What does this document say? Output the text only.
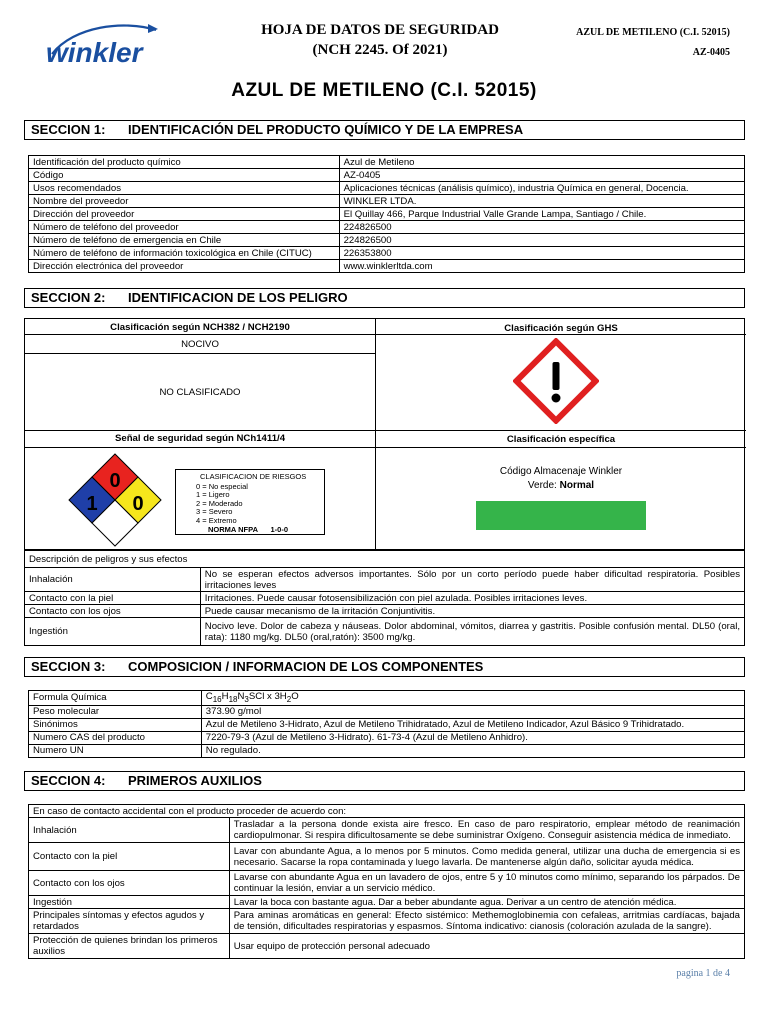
winkler
HOJA DE DATOS DE SEGURIDAD
(NCH 2245. Of 2021)
AZUL DE METILENO (C.I. 52015)
AZ-0405
AZUL DE METILENO (C.I. 52015)
SECCION 1: IDENTIFICACIÓN DEL PRODUCTO QUÍMICO Y DE LA EMPRESA
Identificación del producto químico	Azul de Metileno
Código	AZ-0405
Usos recomendados	Aplicaciones técnicas (análisis químico), industria Química en general, Docencia.
Nombre del proveedor	WINKLER LTDA.
Dirección del proveedor	El Quillay 466, Parque Industrial Valle Grande Lampa, Santiago / Chile.
Número de teléfono del proveedor	224826500
Número de teléfono de emergencia en Chile	224826500
Número de teléfono de información toxicológica en Chile (CITUC)	226353800
Dirección electrónica del proveedor	www.winklerltda.com
SECCION 2: IDENTIFICACION DE LOS PELIGRO
Clasificación según NCH382 / NCH2190	Clasificación según GHS
NOCIVO
NO CLASIFICADO
Señal de seguridad según NCh1411/4	Clasificación específica
0
1 0
CLASIFICACION DE RIESGOS
0 = No especial
1 = Ligero
2 = Moderado
3 = Severo
4 = Extremo
NORMA NFPA 1-0-0
Código Almacenaje Winkler
Verde: Normal
Descripción de peligros y sus efectos	
Inhalación	No se esperan efectos adversos importantes. Sólo por un corto período puede haber dificultad respiratoria. Posibles irritaciones leves
Contacto con la piel	Irritaciones. Puede causar fotosensibilización con piel azulada. Posibles irritaciones leves.
Contacto con los ojos	Puede causar mecanismo de la irritación Conjuntivitis.
Ingestión	Nocivo leve. Dolor de cabeza y náuseas. Dolor abdominal, vómitos, diarrea y gastritis. Posible confusión mental. DL50 (oral, rata): 1180 mg/kg. DL50 (oral,ratón): 3500 mg/kg.
SECCION 3: COMPOSICION / INFORMACION DE LOS COMPONENTES
Formula Química	$C_{16}H_{18}N_3SCl$ x $3H_2O$
Peso molecular	373.90 g/mol
Sinónimos	Azul de Metileno 3-Hidrato, Azul de Metileno Trihidratado, Azul de Metileno Indicador, Azul Básico 9 Trihidratado.
Numero CAS del producto	7220-79-3 (Azul de Metileno 3-Hidrato). 61-73-4 (Azul de Metileno Anhidro).
Numero UN	No regulado.
SECCION 4: PRIMEROS AUXILIOS
En caso de contacto accidental con el producto proceder de acuerdo con:	
Inhalación	Trasladar a la persona donde exista aire fresco. En caso de paro respiratorio, emplear método de reanimación cardiopulmonar. Si respira dificultosamente se debe suministrar Oxígeno. Conseguir asistencia médica de inmediato.
Contacto con la piel	Lavar con abundante Agua, a lo menos por 5 minutos. Como medida general, utilizar una ducha de emergencia si es necesario. Sacarse la ropa contaminada y luego lavarla. De mantenerse algún daño, solicitar ayuda médica.
Contacto con los ojos	Lavarse con abundante Agua en un lavadero de ojos, entre 5 y 10 minutos como mínimo, separando los párpados. De continuar la lesión, enviar a un servicio médico.
Ingestión	Lavar la boca con bastante agua. Dar a beber abundante agua. Derivar a un centro de atención médica.
Principales síntomas y efectos agudos y retardados	Para aminas aromáticas en general: Efecto sistémico: Methemoglobinemia con cefaleas, arritmias cardíacas, bajada de tensión, dificultades respiratorias y espasmos. Síntoma indicativo: cianosis (coloración azulada de la sangre).
Protección de quienes brindan los primeros auxilios	Usar equipo de protección personal adecuado
pagina 1 de 4
